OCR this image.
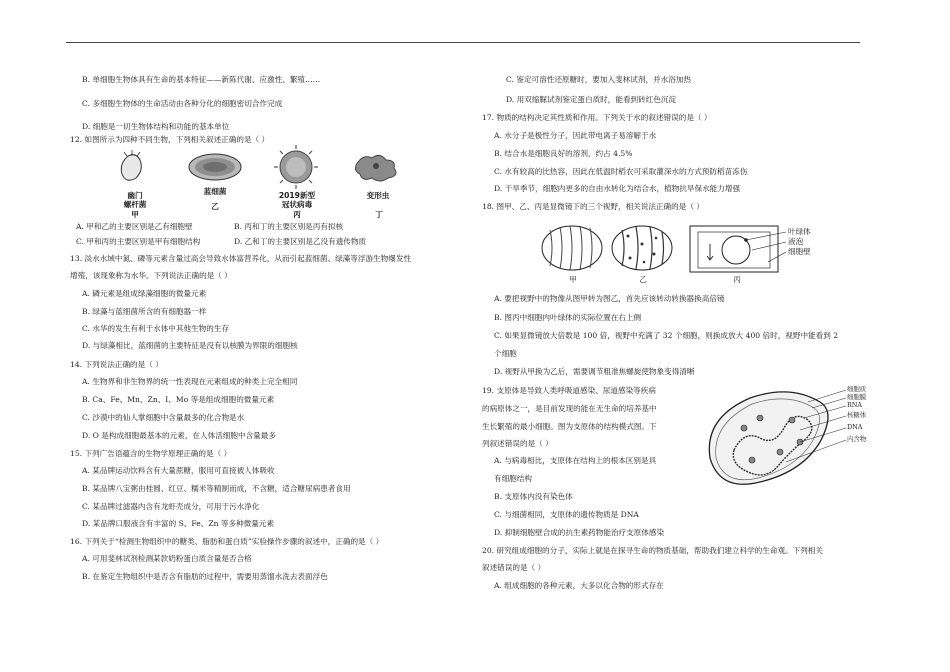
B. 单细胞生物体具有生命的基本特征——新陈代谢、应激性、繁殖……
C. 多细胞生物体的生命活动由各种分化的细胞密切合作完成
D. 细胞是一切生物体结构和功能的基本单位
12. 如图所示为四种不同生物，下列相关叙述正确的是（ ）
幽门
螺杆菌
蓝细菌	2019新型
冠状病毒
变形虫
甲
乙
丙	丁
A. 甲和乙的主要区别是乙有细胞壁	B. 丙和丁的主要区别是丙有拟核
C. 甲和丙的主要区别是甲有细胞结构	D. 乙和丁的主要区别是乙没有遗传物质
13. 淡水水域中氮、磷等元素含量过高会导致水体富营养化，从而引起蓝细菌、绿藻等浮游生物爆发性
增殖，该现象称为水华。下列说法正确的是（ ）
A. 磷元素是组成绿藻细胞的微量元素
B. 绿藻与蓝细菌所含的有细胞器一样
C. 水华的发生有利于水体中其他生物的生存
D. 与绿藻相比，蓝细菌的主要特征是没有以核膜为界限的细胞核
14. 下列说法正确的是（ ）
A. 生物界和非生物界的统一性表现在元素组成的种类上完全相同
B. Ca、Fe、Mn、Zn、I、Mo 等是组成细胞的微量元素
C. 沙漠中的仙人掌细胞中含量最多的化合物是水
D. O 是构成细胞最基本的元素，在人体活细胞中含量最多
15. 下列广告语蕴含的生物学原理正确的是（ ）
A. 某品牌运动饮料含有大量蔗糖，服用可直接被人体吸收
B. 某品牌八宝粥由桂圆、红豆、糯米等精制而成，不含糖，适合糖尿病患者食用
C. 某品牌过滤器内含有龙虾壳成分，可用于污水净化
D. 某品牌口服液含有丰富的 S、Fe、Zn 等多种微量元素
16. 下列关于“检测生物组织中的糖类、脂肪和蛋白质”实验操作步骤的叙述中，正确的是（ ）
A. 可用斐林试剂检测某款奶粉蛋白质含量是否合格
B. 在鉴定生物组织中是否含有脂肪的过程中，需要用蒸馏水洗去表面浮色
C. 鉴定可溶性还原糖时，要加入斐林试剂，并水浴加热
D. 用双缩脲试剂鉴定蛋白质时，能看到砖红色沉淀
17. 物质的结构决定其性质和作用。下列关于水的叙述错误的是（ ）
A. 水分子是极性分子，因此带电离子易溶解于水
B. 结合水是细胞良好的溶剂，约占 4.5%
C. 水有较高的比热容，因此在低温时稻农可采取灌深水的方式预防稻苗冻伤
D. 干旱季节，细胞内更多的自由水转化为结合水，植物抗旱保水能力增强
18. 图甲、乙、丙是显微镜下的三个视野，相关说法正确的是（ ）
甲	乙	丙
叶绿体
液泡
细胞壁
A. 要把视野中的物像从图甲转为图乙，首先应该转动转换器换高倍镜
B. 图丙中细胞内叶绿体的实际位置在右上侧
C. 如果显微镜放大倍数是 100 倍，视野中充满了 32 个细胞，则换成放大 400 倍时，视野中能看到 2
个细胞
D. 视野从甲换为乙后，需要调节粗准焦螺旋使物象变得清晰
19. 支原体是导致人类呼吸道感染、尿道感染等疾病
的病原体之一，是目前发现的能在无生命的培养基中
生长繁殖的最小细胞。图为支原体的结构模式图。下
列叙述错误的是（ ）
细胞质
细胞膜
RNA
核糖体
DNA
内含物
A. 与病毒相比，支原体在结构上的根本区别是具
有细胞结构
B. 支原体内没有染色体
C. 与细菌相同，支原体的遗传物质是 DNA
D. 抑制细胞壁合成的抗生素药物能治疗支原体感染
20. 研究组成细胞的分子，实际上就是在探寻生命的物质基础，帮助我们建立科学的生命观。下列相关
叙述错误的是（ ）
A. 组成细胞的各种元素，大多以化合物的形式存在
